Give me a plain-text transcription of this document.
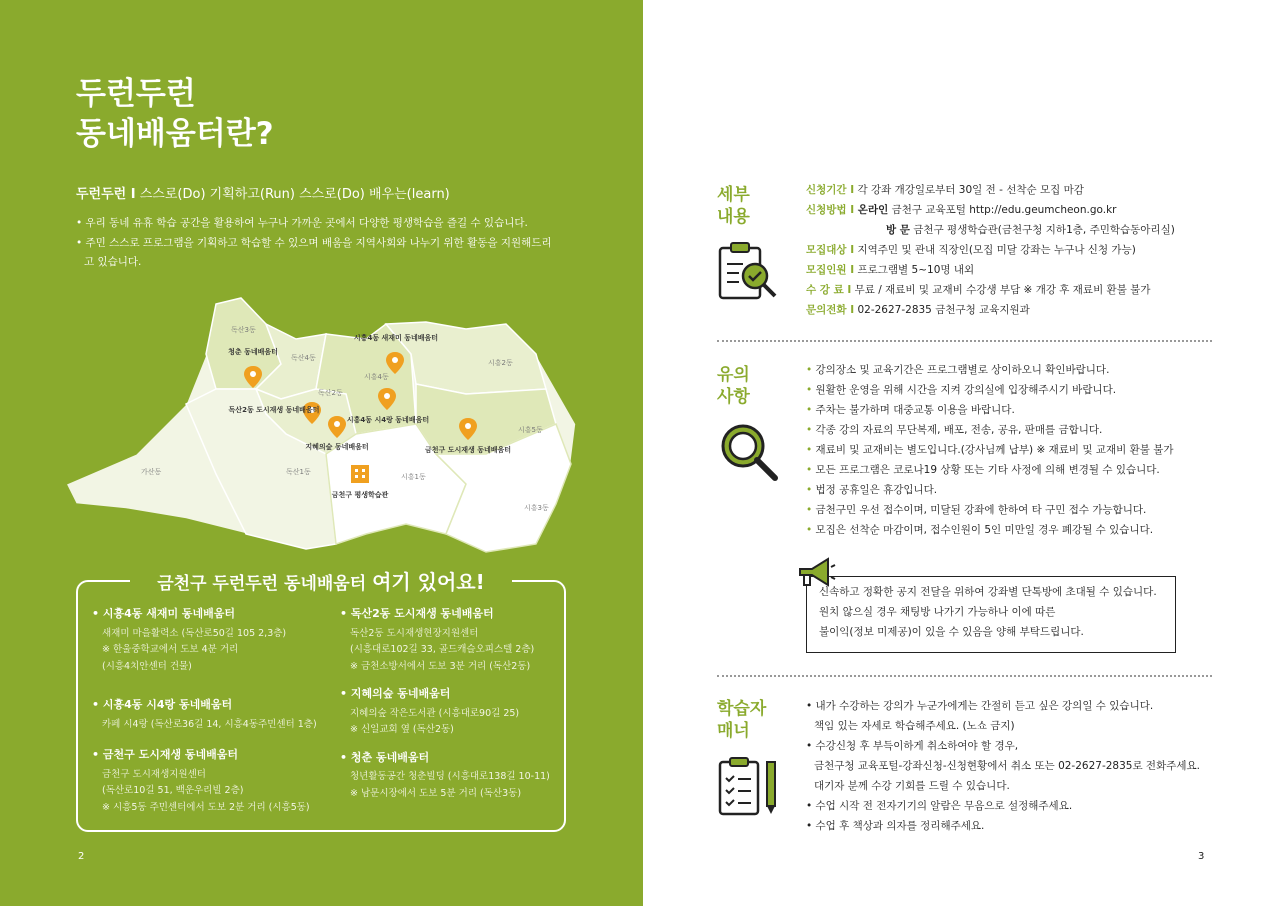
두런두런
동네배움터란?
두런두런 I 스스로(Do) 기획하고(Run) 스스로(Do) 배우는(learn)
• 우리 동네 유휴 학습 공간을 활용하여 누구나 가까운 곳에서 다양한 평생학습을 즐길 수 있습니다.
• 주민 스스로 프로그램을 기획하고 학습할 수 있으며 배움을 지역사회와 나누기 위한 활동을 지원해드리고 있습니다.
독산3동
독산4동
독산2동
시흥4동
시흥2동
시흥5동
가산동	독산1동
시흥1동
시흥3동
청춘 동네배움터
시흥4동 새재미 동네배움터
독산2동 도시재생 동네배움터
지혜의숲 동네배움터
시흥4동 시4랑 동네배움터
금천구 도시재생 동네배움터
금천구 평생학습관
금천구 두런두런 동네배움터 여기 있어요!
• 시흥4동 새재미 동네배움터
새재미 마을활력소 (독산로50길 105 2,3층)
※ 한울중학교에서 도보 4분 거리
(시흥4치안센터 건물)
• 시흥4동 시4랑 동네배움터
카페 시4랑 (독산로36길 14, 시흥4동주민센터 1층)
• 금천구 도시재생 동네배움터
금천구 도시재생지원센터
(독산로10길 51, 백운우리빌 2층)
※ 시흥5동 주민센터에서 도보 2분 거리 (시흥5동)
• 독산2동 도시재생 동네배움터
독산2동 도시재생현장지원센터
(시흥대로102길 33, 골드캐슬오피스텔 2층)
※ 금천소방서에서 도보 3분 거리 (독산2동)
• 지혜의숲 동네배움터
지혜의숲 작은도서관 (시흥대로90길 25)
※ 신일교회 옆 (독산2동)
• 청춘 동네배움터
청년활동공간 청춘빌딩 (시흥대로138길 10-11)
※ 남문시장에서 도보 5분 거리 (독산3동)
2
세부
내용
신청기간 I 각 강좌 개강일로부터 30일 전 - 선착순 모집 마감
신청방법 I 온라인 금천구 교육포털 http://edu.geumcheon.go.kr
방 문 금천구 평생학습관(금천구청 지하1층, 주민학습동아리실)
모집대상 I 지역주민 및 관내 직장인(모집 미달 강좌는 누구나 신청 가능)
모집인원 I 프로그램별 5~10명 내외
수 강 료 I 무료 / 재료비 및 교재비 수강생 부담 ※ 개강 후 재료비 환불 불가
문의전화 I 02-2627-2835 금천구청 교육지원과
유의
사항
• 강의장소 및 교육기간은 프로그램별로 상이하오니 확인바랍니다.
• 원활한 운영을 위해 시간을 지켜 강의실에 입장해주시기 바랍니다.
• 주차는 불가하며 대중교통 이용을 바랍니다.
• 각종 강의 자료의 무단복제, 배포, 전송, 공유, 판매를 금합니다.
• 재료비 및 교재비는 별도입니다.(강사님께 납부) ※ 재료비 및 교재비 환불 불가
• 모든 프로그램은 코로나19 상황 또는 기타 사정에 의해 변경될 수 있습니다.
• 법정 공휴일은 휴강입니다.
• 금천구민 우선 접수이며, 미달된 강좌에 한하여 타 구민 접수 가능합니다.
• 모집은 선착순 마감이며, 접수인원이 5인 미만일 경우 폐강될 수 있습니다.
신속하고 정확한 공지 전달을 위하여 강좌별 단톡방에 초대될 수 있습니다.
원치 않으실 경우 채팅방 나가기 가능하나 이에 따른
불이익(정보 미제공)이 있을 수 있음을 양해 부탁드립니다.
학습자
매너
• 내가 수강하는 강의가 누군가에게는 간절히 듣고 싶은 강의일 수 있습니다.
책임 있는 자세로 학습해주세요. (노쇼 금지)
• 수강신청 후 부득이하게 취소하여야 할 경우,
금천구청 교육포털-강좌신청-신청현황에서 취소 또는 02-2627-2835로 전화주세요.
대기자 분께 수강 기회를 드릴 수 있습니다.
• 수업 시작 전 전자기기의 알람은 무음으로 설정해주세요.
• 수업 후 책상과 의자를 정리해주세요.
3
